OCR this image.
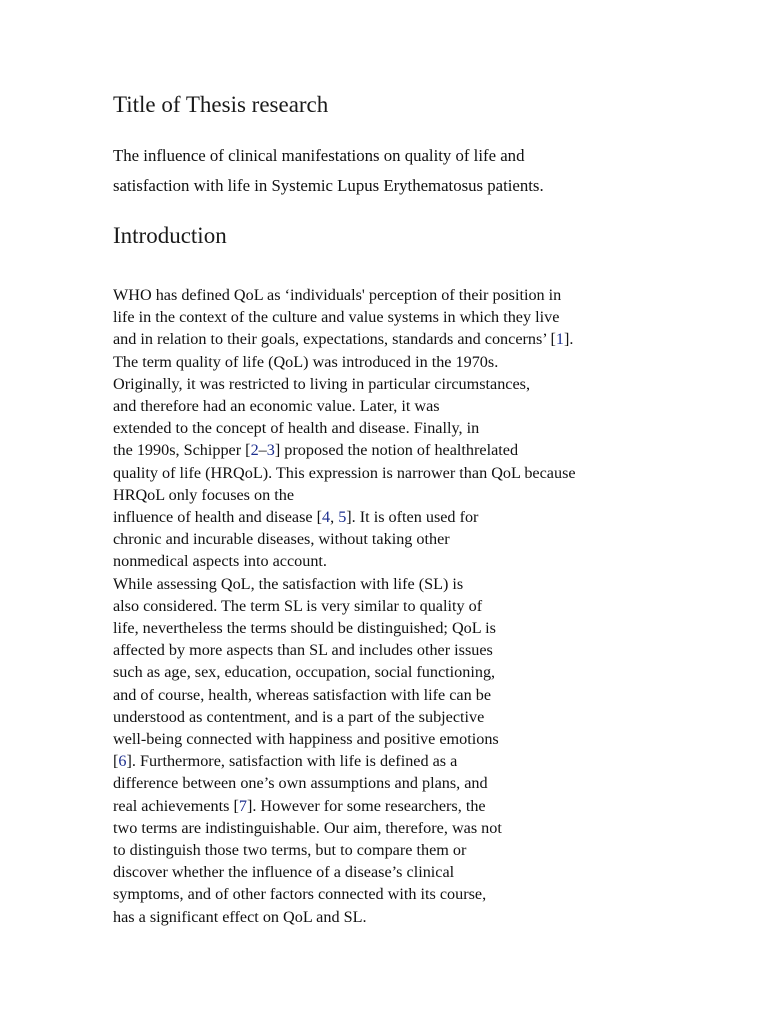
Title of Thesis research

The influence of clinical manifestations on quality of life and
satisfaction with life in Systemic Lupus Erythematosus patients.

Introduction

WHO has defined QoL as ‘individuals' perception of their position in
life in the context of the culture and value systems in which they live
and in relation to their goals, expectations, standards and concerns’ [1].
The term quality of life (QoL) was introduced in the 1970s.
Originally, it was restricted to living in particular circumstances,
and therefore had an economic value. Later, it was
extended to the concept of health and disease. Finally, in
the 1990s, Schipper [2–3] proposed the notion of healthrelated
quality of life (HRQoL). This expression is narrower than QoL because
HRQoL only focuses on the
influence of health and disease [4, 5]. It is often used for
chronic and incurable diseases, without taking other
nonmedical aspects into account.
While assessing QoL, the satisfaction with life (SL) is
also considered. The term SL is very similar to quality of
life, nevertheless the terms should be distinguished; QoL is
affected by more aspects than SL and includes other issues
such as age, sex, education, occupation, social functioning,
and of course, health, whereas satisfaction with life can be
understood as contentment, and is a part of the subjective
well-being connected with happiness and positive emotions
[6]. Furthermore, satisfaction with life is defined as a
difference between one’s own assumptions and plans, and
real achievements [7]. However for some researchers, the
two terms are indistinguishable. Our aim, therefore, was not
to distinguish those two terms, but to compare them or
discover whether the influence of a disease’s clinical
symptoms, and of other factors connected with its course,
has a significant effect on QoL and SL.
